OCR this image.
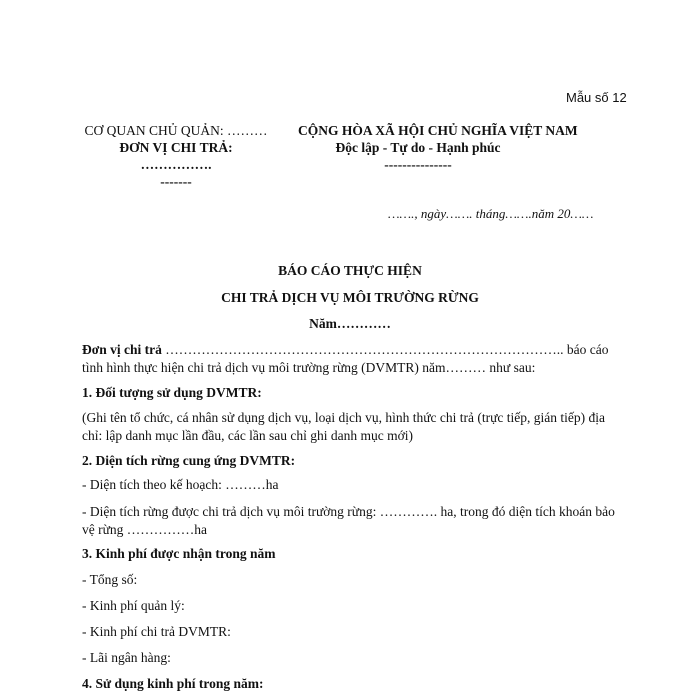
Mẫu số 12
CƠ QUAN CHỦ QUẢN: ………
ĐƠN VỊ CHI TRẢ:
…………….
-------
CỘNG HÒA XÃ HỘI CHỦ NGHĨA VIỆT NAM
Độc lập - Tự do - Hạnh phúc
---------------
……., ngày……. tháng…….năm 20……
BÁO CÁO THỰC HIỆN
CHI TRẢ DỊCH VỤ MÔI TRƯỜNG RỪNG
Năm…………
Đơn vị chi trả …………………………………………………………………………….. báo cáo tình hình thực hiện chi trả dịch vụ môi trường rừng (DVMTR) năm……… như sau:
1. Đối tượng sử dụng DVMTR:
(Ghi tên tổ chức, cá nhân sử dụng dịch vụ, loại dịch vụ, hình thức chi trả (trực tiếp, gián tiếp) địa chỉ: lập danh mục lần đầu, các lần sau chỉ ghi danh mục mới)
2. Diện tích rừng cung ứng DVMTR:
- Diện tích theo kế hoạch: ………ha
- Diện tích rừng được chi trả dịch vụ môi trường rừng: …………. ha, trong đó diện tích khoán bảo vệ rừng ……………ha
3. Kinh phí được nhận trong năm
- Tổng số:
- Kinh phí quản lý:
- Kinh phí chi trả DVMTR:
- Lãi ngân hàng:
4. Sử dụng kinh phí trong năm:
